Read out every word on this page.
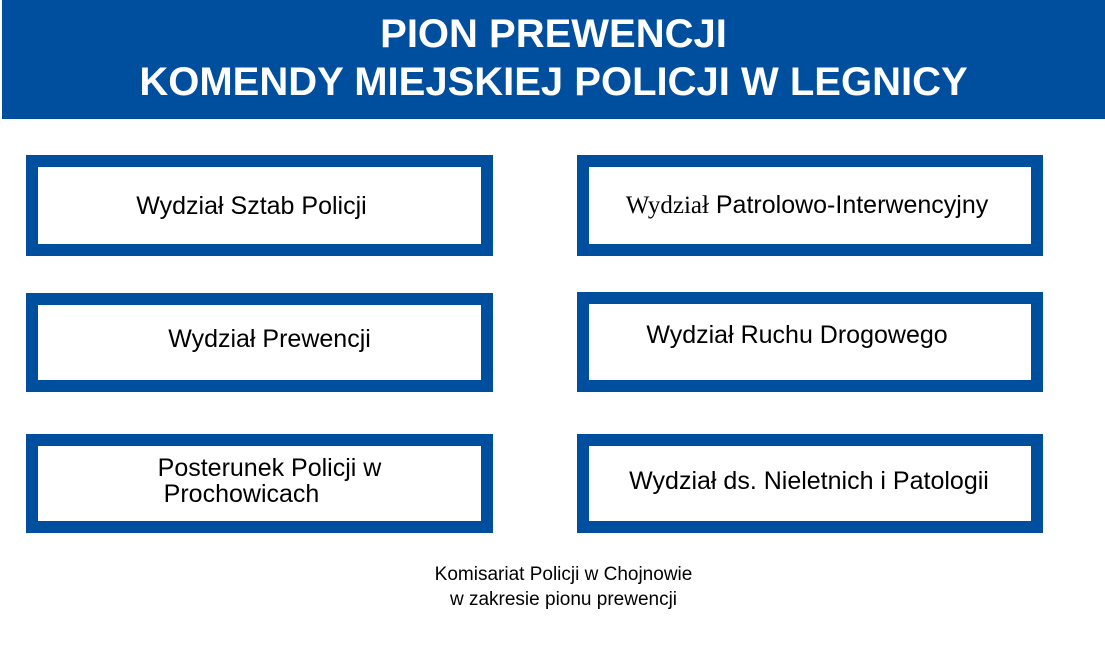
PION PREWENCJI
KOMENDY MIEJSKIEJ POLICJI W LEGNICY
Wydział Sztab Policji	Wydział Patrolowo-Interwencyjny
Wydział Prewencji	Wydział Ruchu Drogowego
Posterunek Policji w
Prochowicach	Wydział ds. Nieletnich i Patologii
Komisariat Policji w Chojnowie
w zakresie pionu prewencji
